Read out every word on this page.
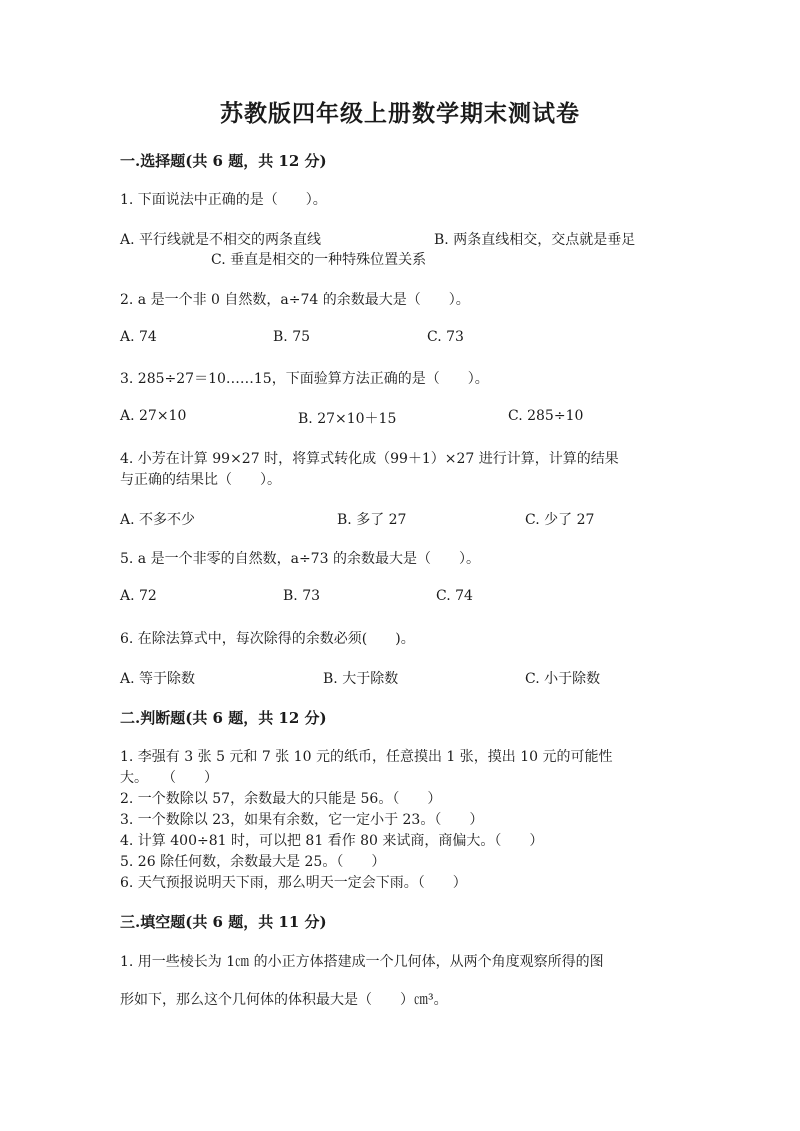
苏教版四年级上册数学期末测试卷
一.选择题(共 6 题，共 12 分)
1. 下面说法中正确的是（　　）。
A. 平行线就是不相交的两条直线	B. 两条直线相交，交点就是垂足
C. 垂直是相交的一种特殊位置关系
2. a 是一个非 0 自然数，a÷74 的余数最大是（　　）。
A. 74	B. 75	C. 73
3. 285÷27＝10……15，下面验算方法正确的是（　　）。
A. 27×10	B. 27×10＋15	C. 285÷10
4. 小芳在计算 99×27 时，将算式转化成（99＋1）×27 进行计算，计算的结果
与正确的结果比（　　）。
A. 不多不少	B. 多了 27	C. 少了 27
5. a 是一个非零的自然数，a÷73 的余数最大是（　　）。
A. 72	B. 73	C. 74
6. 在除法算式中，每次除得的余数必须(　　)。
A. 等于除数	B. 大于除数	C. 小于除数
二.判断题(共 6 题，共 12 分)
1. 李强有 3 张 5 元和 7 张 10 元的纸币，任意摸出 1 张，摸出 10 元的可能性
大。　　（　　）
2. 一个数除以 57，余数最大的只能是 56。（　　）
3. 一个数除以 23，如果有余数，它一定小于 23。（　　）
4. 计算 400÷81 时，可以把 81 看作 80 来试商，商偏大。（　　）
5. 26 除任何数，余数最大是 25。（　　）
6. 天气预报说明天下雨，那么明天一定会下雨。（　　）
三.填空题(共 6 题，共 11 分)
1. 用一些棱长为 1㎝ 的小正方体搭建成一个几何体，从两个角度观察所得的图
形如下，那么这个几何体的体积最大是（　　）㎝³。
